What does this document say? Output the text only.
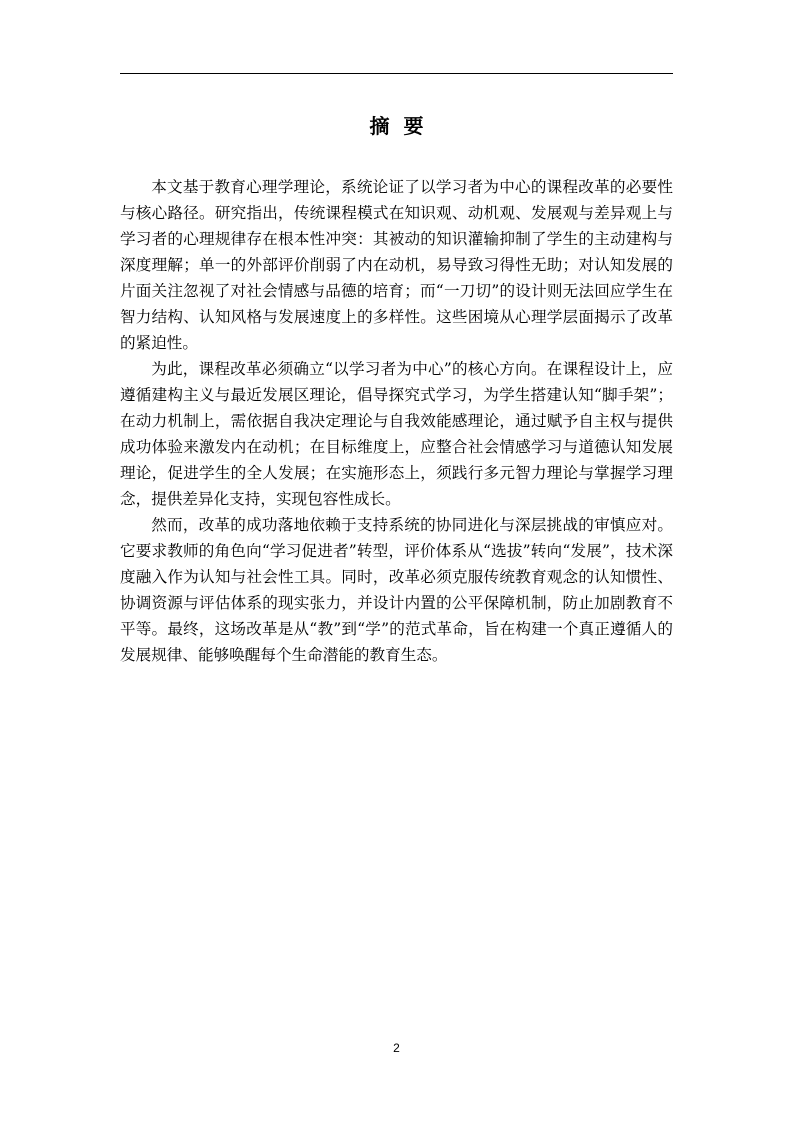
摘要

本文基于教育心理学理论，系统论证了以学习者为中心的课程改革的必要性与核心路径。研究指出，传统课程模式在知识观、动机观、发展观与差异观上与学习者的心理规律存在根本性冲突：其被动的知识灌输抑制了学生的主动建构与深度理解；单一的外部评价削弱了内在动机，易导致习得性无助；对认知发展的片面关注忽视了对社会情感与品德的培育；而“一刀切”的设计则无法回应学生在智力结构、认知风格与发展速度上的多样性。这些困境从心理学层面揭示了改革的紧迫性。

为此，课程改革必须确立“以学习者为中心”的核心方向。在课程设计上，应遵循建构主义与最近发展区理论，倡导探究式学习，为学生搭建认知“脚手架”；在动力机制上，需依据自我决定理论与自我效能感理论，通过赋予自主权与提供成功体验来激发内在动机；在目标维度上，应整合社会情感学习与道德认知发展理论，促进学生的全人发展；在实施形态上，须践行多元智力理论与掌握学习理念，提供差异化支持，实现包容性成长。

然而，改革的成功落地依赖于支持系统的协同进化与深层挑战的审慎应对。它要求教师的角色向“学习促进者”转型，评价体系从“选拔”转向“发展”，技术深度融入作为认知与社会性工具。同时，改革必须克服传统教育观念的认知惯性、协调资源与评估体系的现实张力，并设计内置的公平保障机制，防止加剧教育不平等。最终，这场改革是从“教”到“学”的范式革命，旨在构建一个真正遵循人的发展规律、能够唤醒每个生命潜能的教育生态。

2
